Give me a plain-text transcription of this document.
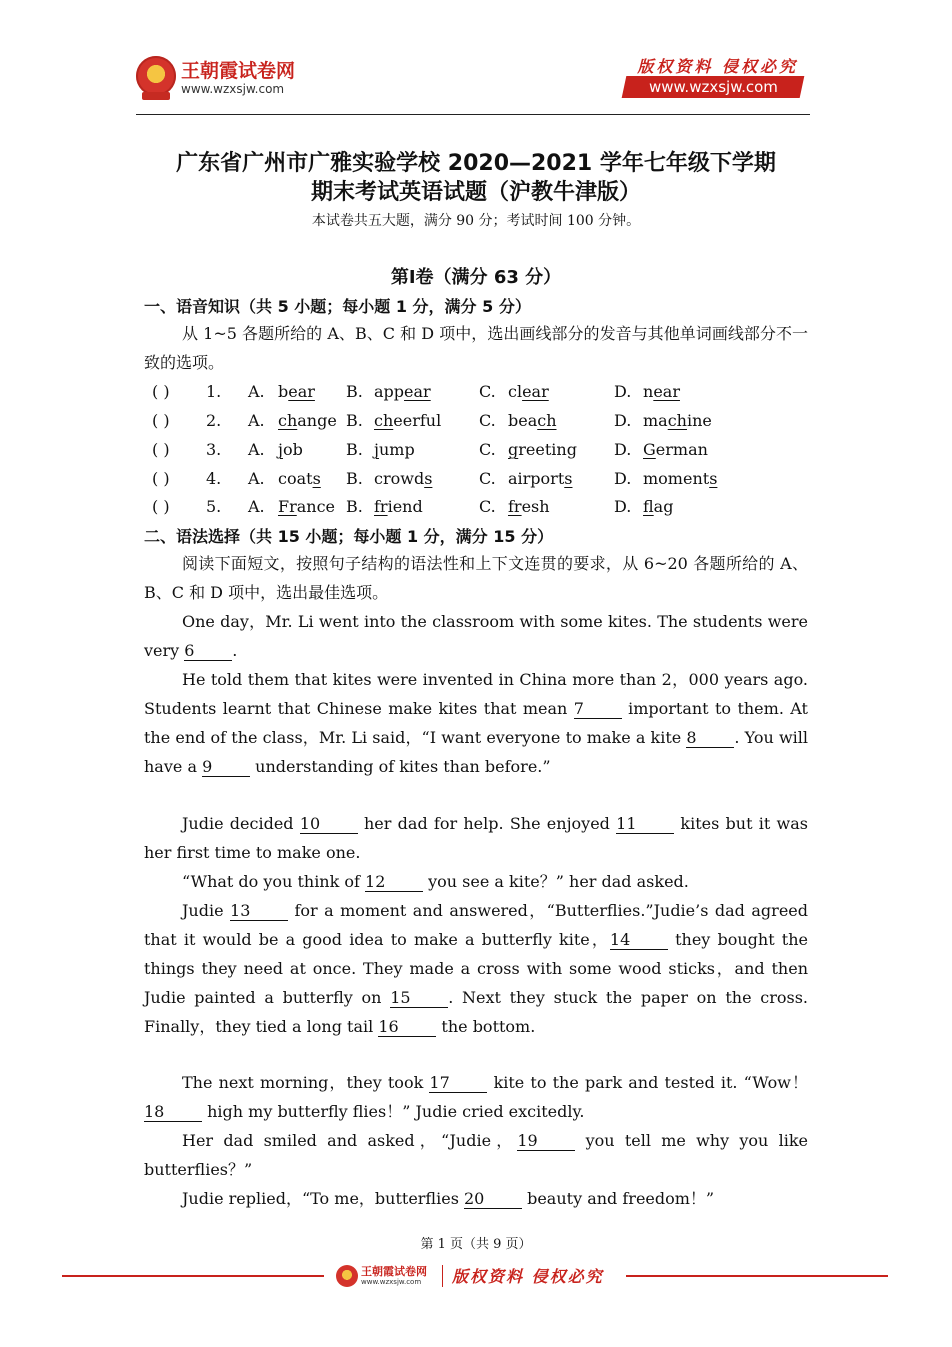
王朝霞试卷网
www.wzxsjw.com
版权资料 侵权必究
www.wzxsjw.com
广东省广州市广雅实验学校 2020—2021 学年七年级下学期
期末考试英语试题（沪教牛津版）
本试卷共五大题，满分 90 分；考试时间 100 分钟。
第Ⅰ卷（满分 63 分）
一、语音知识（共 5 小题；每小题 1 分，满分 5 分）

从 1~5 各题所给的 A、B、C 和 D 项中，选出画线部分的发音与其他单词画线部分不一致的选项。

( ) 1. A. bear B. appear	C. clear	D. near
( ) 2. A. change B. cheerful C. beach	D. machine
( ) 3. A. job	B. jump	C. greeting D. German
( ) 4. A. coats B. crowds	C. airports	D. moments
( ) 5. A. France B. friend	C. fresh	D. flag
二、语法选择（共 15 小题；每小题 1 分，满分 15 分）

阅读下面短文，按照句子结构的语法性和上下文连贯的要求，从 6~20 各题所给的 A、B、C 和 D 项中，选出最佳选项。

One day，Mr. Li went into the classroom with some kites. The students were very 6 .

He told them that kites were invented in China more than 2，000 years ago. Students learnt that Chinese make kites that mean 7 important to them. At the end of the class，Mr. Li said，“I want everyone to make a kite 8 . You will have a 9 understanding of kites than before.”

Judie decided 10 her dad for help. She enjoyed 11 kites but it was her first time to make one.

“What do you think of 12 you see a kite？” her dad asked.

Judie 13 for a moment and answered，“Butterflies.”Judie’s dad agreed that it would be a good idea to make a butterfly kite，14 they bought the things they need at once. They made a cross with some wood sticks，and then Judie painted a butterfly on 15 . Next they stuck the paper on the cross. Finally，they tied a long tail 16 the bottom.

The next morning，they took 17 kite to the park and tested it. “Wow！18 high my butterfly flies！” Judie cried excitedly.

Her dad smiled and asked，“Judie，19 you tell me why you like butterflies？”

Judie replied，“To me，butterflies 20 beauty and freedom！”

第 1 页（共 9 页）
王朝霞试卷网
www.wzxsjw.com 版权资料 侵权必究
